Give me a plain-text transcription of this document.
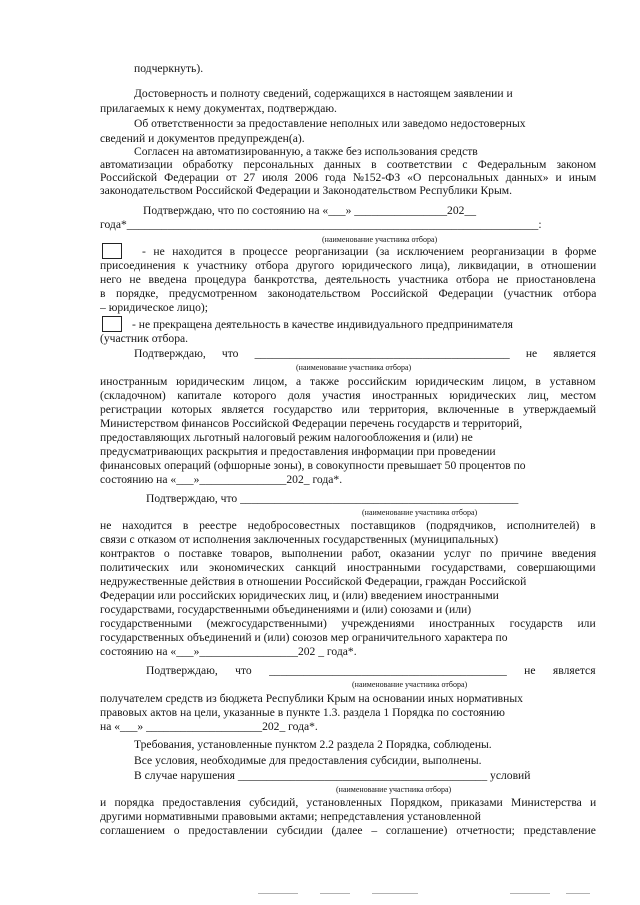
подчеркнуть).
Достоверность и полноту сведений, содержащихся в настоящем заявлении и
прилагаемых к нему документах, подтверждаю.
Об ответственности за предоставление неполных или заведомо недостоверных
сведений и документов предупрежден(а).
Согласен на автоматизированную, а также без использования средств
автоматизации обработку персональных данных в соответствии с Федеральным законом
Российской Федерации от 27 июля 2006 года №152-ФЗ «О персональных данных» и иным
законодательством Российской Федерации и Законодательством Республики Крым.
Подтверждаю, что по состоянию на «___» ________________202__
года*_______________________________________________________________________:
(наименование участника отбора)
- не находится в процессе реорганизации (за исключением реорганизации в форме
присоединения к участнику отбора другого юридического лица), ликвидации, в отношении
него не введена процедура банкротства, деятельность участника отбора не приостановлена
в порядке, предусмотренном законодательством Российской Федерации (участник отбора
– юридическое лицо);
- не прекращена деятельность в качестве индивидуального предпринимателя
(участник отбора.
Подтверждаю, что ____________________________________________ не является
(наименование участника отбора)
иностранным юридическим лицом, а также российским юридическим лицом, в уставном
(складочном) капитале которого доля участия иностранных юридических лиц, местом
регистрации которых является государство или территория, включенные в утверждаемый
Министерством финансов Российской Федерации перечень государств и территорий,
предоставляющих льготный налоговый режим налогообложения и (или) не
предусматривающих раскрытия и предоставления информации при проведении
финансовых операций (офшорные зоны), в совокупности превышает 50 процентов по
состоянию на «___»_______________202_ года*.
Подтверждаю, что ________________________________________________
(наименование участника отбора)
не находится в реестре недобросовестных поставщиков (подрядчиков, исполнителей) в
связи с отказом от исполнения заключенных государственных (муниципальных)
контрактов о поставке товаров, выполнении работ, оказании услуг по причине введения
политических или экономических санкций иностранными государствами, совершающими
недружественные действия в отношении Российской Федерации, граждан Российской
Федерации или российских юридических лиц, и (или) введением иностранными
государствами, государственными объединениями и (или) союзами и (или)
государственными (межгосударственными) учреждениями иностранных государств или
государственных объединений и (или) союзов мер ограничительного характера по
состоянию на «___»_________________202 _ года*.
Подтверждаю, что _________________________________________ не является
(наименование участника отбора)
получателем средств из бюджета Республики Крым на основании иных нормативных
правовых актов на цели, указанные в пункте 1.3. раздела 1 Порядка по состоянию
на «___» ____________________202_ года*.
Требования, установленные пунктом 2.2 раздела 2 Порядка, соблюдены.
Все условия, необходимые для предоставления субсидии, выполнены.
В случае нарушения ___________________________________________ условий
(наименование участника отбора)
и порядка предоставления субсидий, установленных Порядком, приказами Министерства и
другими нормативными правовыми актами; непредставления установленной
соглашением о предоставлении субсидии (далее – соглашение) отчетности; представление
